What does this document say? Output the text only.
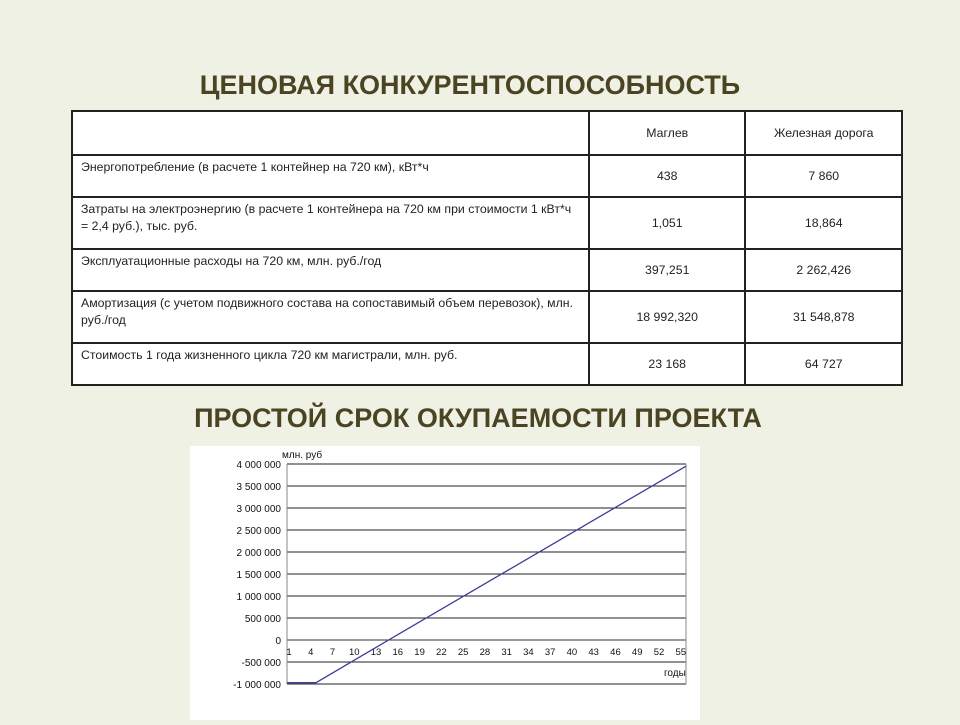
ЦЕНОВАЯ КОНКУРЕНТОСПОСОБНОСТЬ
	Маглев	Железная дорога
Энергопотребление (в расчете 1 контейнер на 720 км), кВт*ч	438	7 860
Затраты на электроэнергию (в расчете 1 контейнера на 720 км при стоимости 1 кВт*ч = 2,4 руб.), тыс. руб.	1,051	18,864
Эксплуатационные расходы на 720 км, млн. руб./год	397,251	2 262,426
Амортизация (с учетом подвижного состава на сопоставимый объем перевозок), млн. руб./год	18 992,320	31 548,878
Стоимость 1 года жизненного цикла 720 км магистрали, млн. руб.	23 168	64 727
ПРОСТОЙ СРОК ОКУПАЕМОСТИ ПРОЕКТА
-1 000 000
-500 000
0
500 000
1 000 000
1 500 000
2 000 000
2 500 000
3 000 000
3 500 000
4 000 000
1 4 7 10 13 16 19 22 25 28 31 34 37 40 43 46 49 52 55
млн. руб
годы
